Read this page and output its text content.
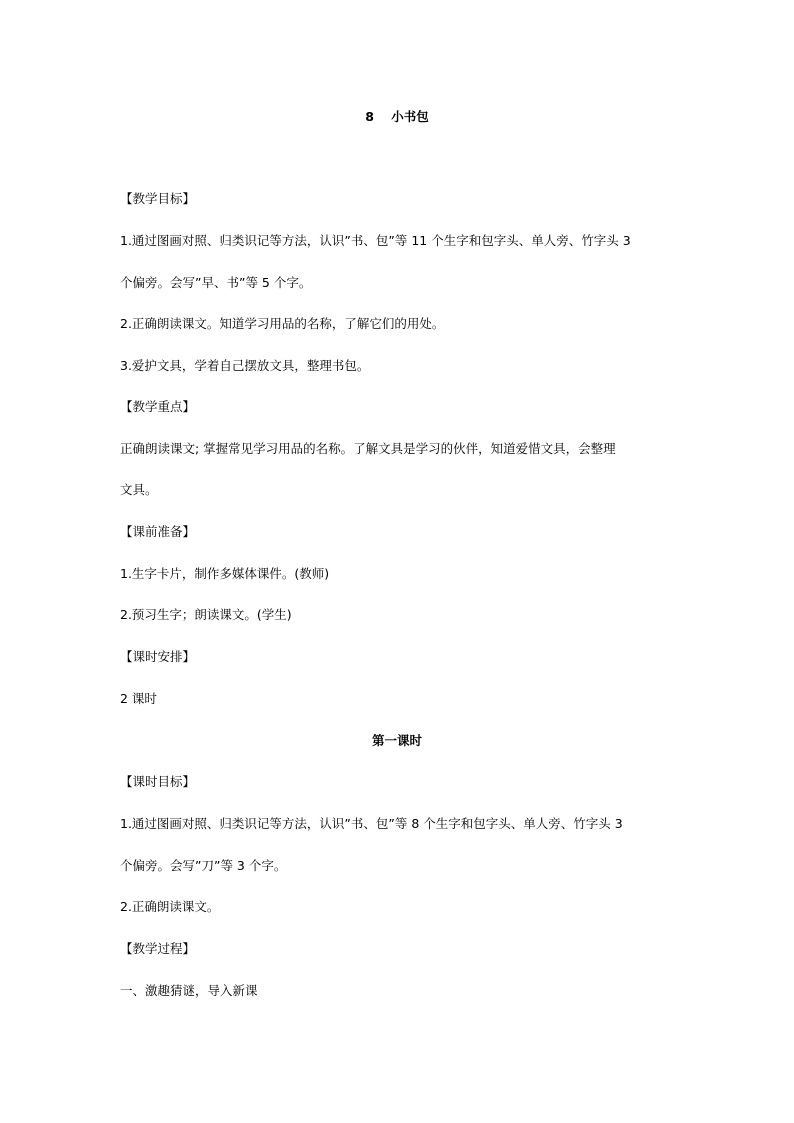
8    小书包
【教学目标】
1.通过图画对照、归类识记等方法，认识”书、包”等 11 个生字和包字头、单人旁、竹字头 3
个偏旁。会写”早、书”等 5 个字。
2.正确朗读课文。知道学习用品的名称，了解它们的用处。
3.爱护文具，学着自己摆放文具，整理书包。
【教学重点】
正确朗读课文; 掌握常见学习用品的名称。了解文具是学习的伙伴，知道爱惜文具，会整理
文具。
【课前准备】
1.生字卡片，制作多媒体课件。(教师)
2.预习生字；朗读课文。(学生)
【课时安排】
2 课时
第一课时
【课时目标】
1.通过图画对照、归类识记等方法，认识”书、包”等 8 个生字和包字头、单人旁、竹字头 3
个偏旁。会写”刀”等 3 个字。
2.正确朗读课文。
【教学过程】
一、激趣猜谜，导入新课
